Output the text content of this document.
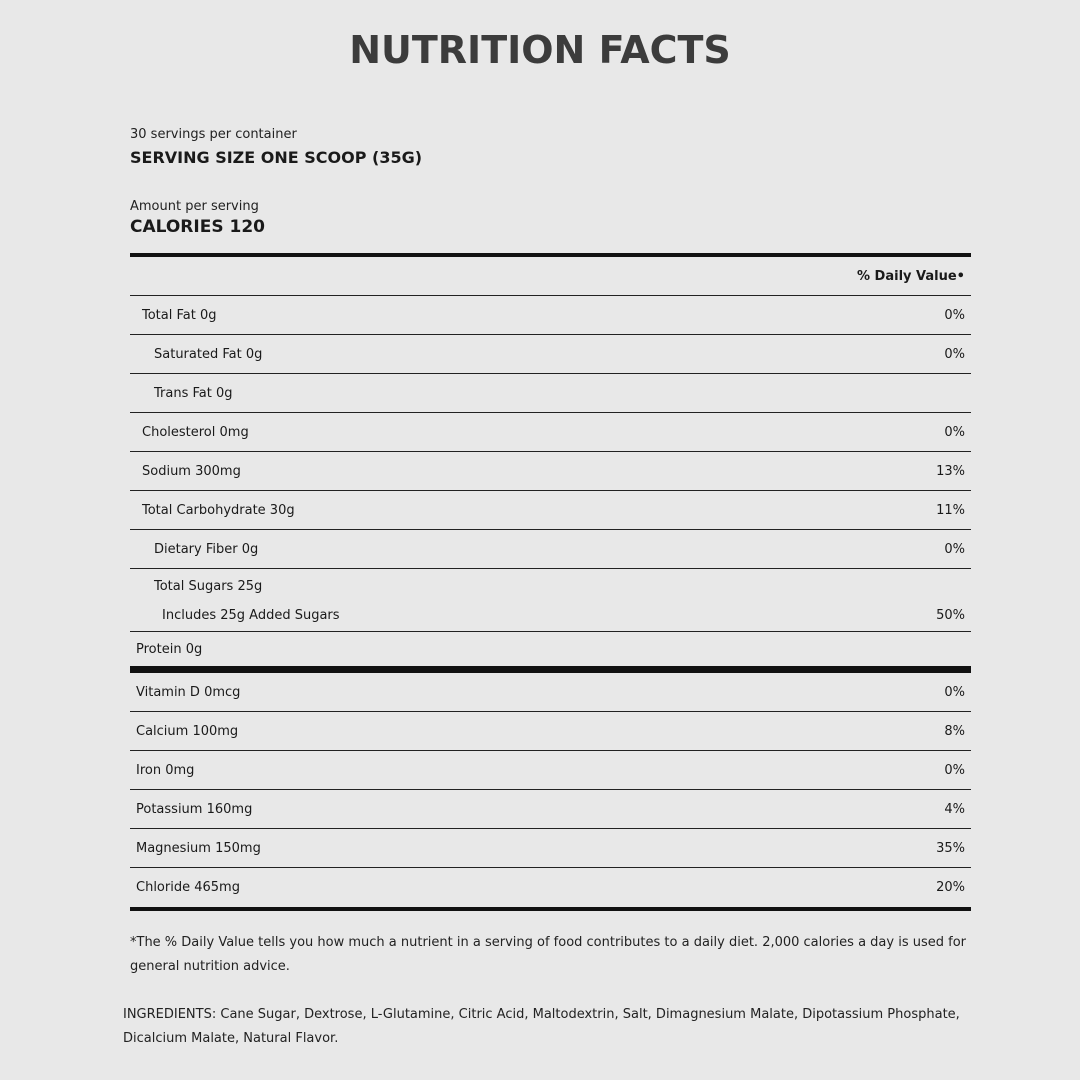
NUTRITION FACTS
30 servings per container
SERVING SIZE ONE SCOOP (35G)
Amount per serving
CALORIES 120
% Daily Value•
Total Fat 0g	0%
Saturated Fat 0g	0%
Trans Fat 0g
Cholesterol 0mg	0%
Sodium 300mg	13%
Total Carbohydrate 30g	11%
Dietary Fiber 0g	0%
Total Sugars 25g
Includes 25g Added Sugars	50%
Protein 0g
Vitamin D 0mcg	0%
Calcium 100mg	8%
Iron 0mg	0%
Potassium 160mg	4%
Magnesium 150mg	35%
Chloride 465mg	20%
*The % Daily Value tells you how much a nutrient in a serving of food contributes to a daily diet. 2,000 calories a day is used for general nutrition advice.
INGREDIENTS: Cane Sugar, Dextrose, L-Glutamine, Citric Acid, Maltodextrin, Salt, Dimagnesium Malate, Dipotassium Phosphate, Dicalcium Malate, Natural Flavor.
